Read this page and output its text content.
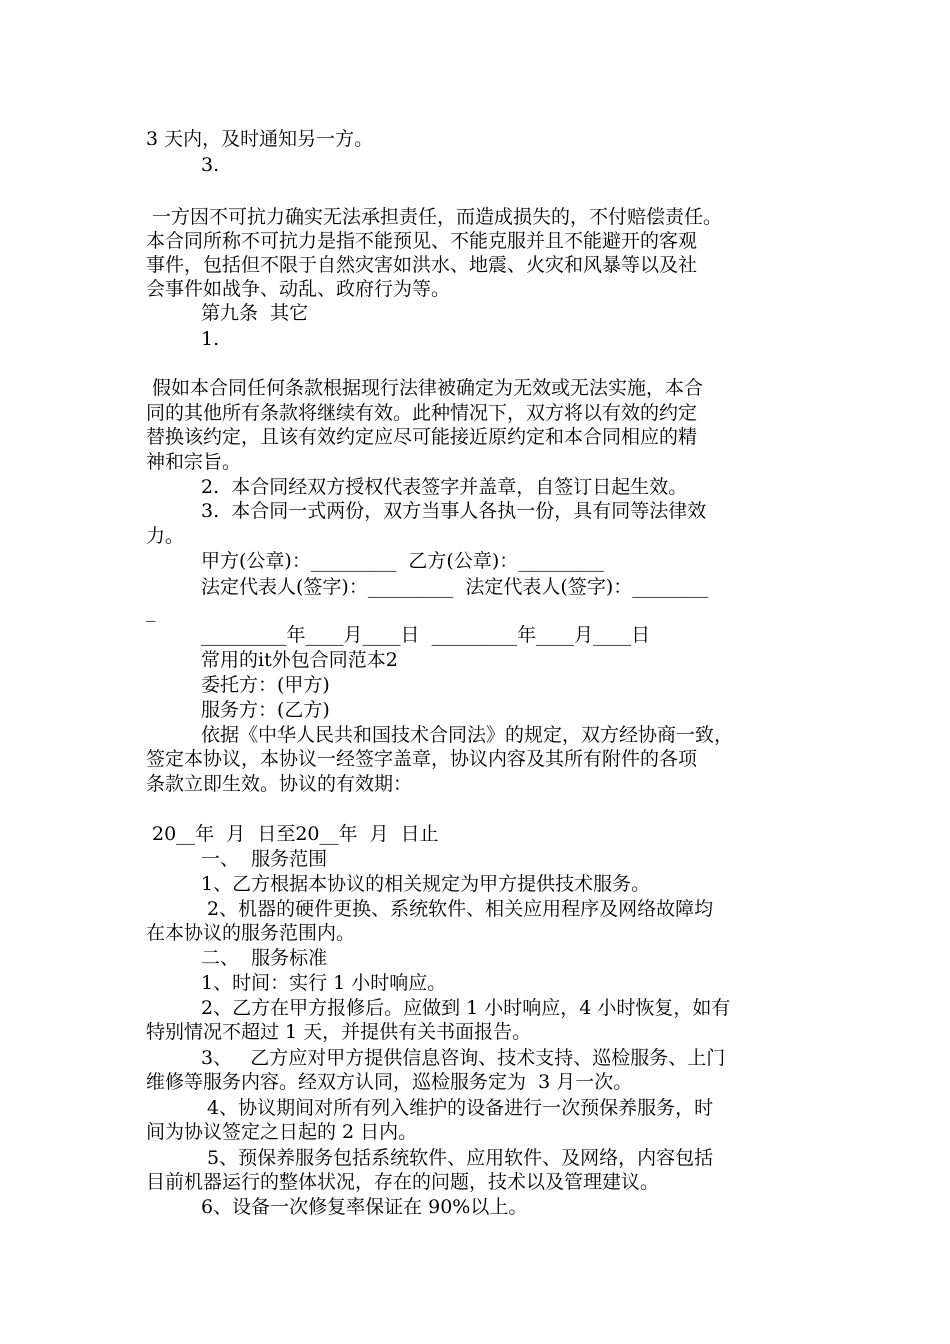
3 天内，及时通知另一方。
3.
一方因不可抗力确实无法承担责任，而造成损失的，不付赔偿责任。
本合同所称不可抗力是指不能预见、不能克服并且不能避开的客观
事件，包括但不限于自然灾害如洪水、地震、火灾和风暴等以及社
会事件如战争、动乱、政府行为等。
第九条  其它
1.
假如本合同任何条款根据现行法律被确定为无效或无法实施，本合
同的其他所有条款将继续有效。此种情况下，双方将以有效的约定
替换该约定，且该有效约定应尽可能接近原约定和本合同相应的精
神和宗旨。
2.  本合同经双方授权代表签字并盖章，自签订日起生效。
3.  本合同一式两份，双方当事人各执一份，具有同等法律效
力。
甲方(公章)：_________  乙方(公章)：_________
法定代表人(签字)：_________  法定代表人(签字)：________
_
_________年____月____日  _________年____月____日
常用的it外包合同范本2
委托方：(甲方)
服务方：(乙方)
依据《中华人民共和国技术合同法》的规定，双方经协商一致，
签定本协议，本协议一经签字盖章，协议内容及其所有附件的各项
条款立即生效。协议的有效期：
20__年  月  日至20__年  月  日止
一、  服务范围
1、乙方根据本协议的相关规定为甲方提供技术服务。
2、机器的硬件更换、系统软件、相关应用程序及网络故障均
在本协议的服务范围内。
二、  服务标准
1、时间：实行 1 小时响应。
2、乙方在甲方报修后。应做到 1 小时响应，4 小时恢复，如有
特别情况不超过 1 天，并提供有关书面报告。
3、   乙方应对甲方提供信息咨询、技术支持、巡检服务、上门
维修等服务内容。经双方认同，巡检服务定为  3 月一次。
4、协议期间对所有列入维护的设备进行一次预保养服务，时
间为协议签定之日起的 2 日内。
5、预保养服务包括系统软件、应用软件、及网络，内容包括
目前机器运行的整体状况，存在的问题，技术以及管理建议。
6、设备一次修复率保证在 90%以上。
